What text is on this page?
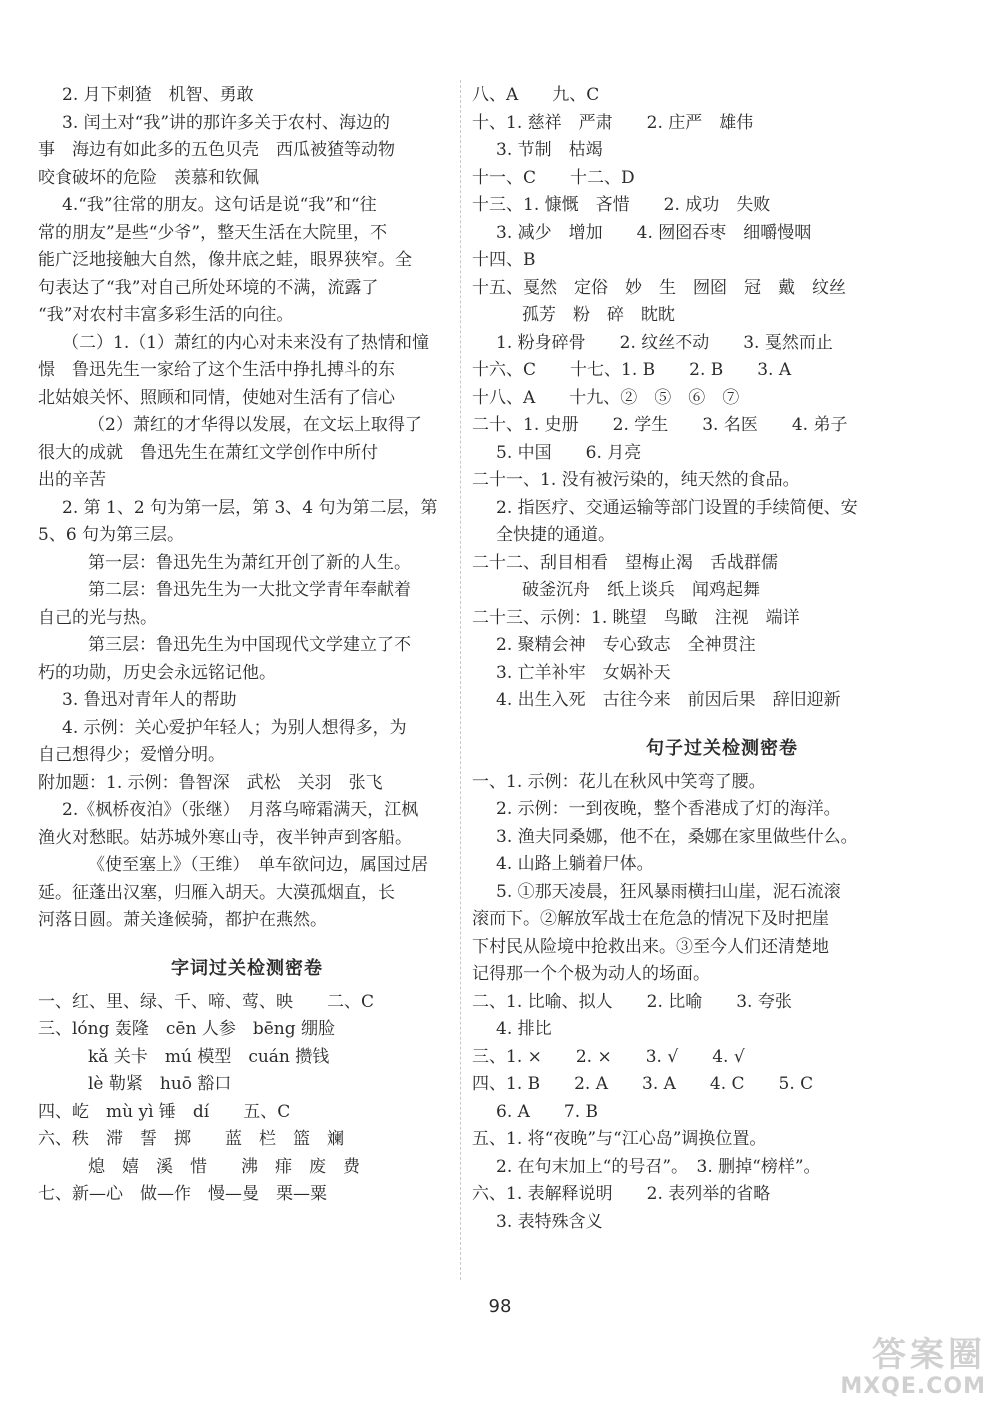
2. 月下刺猹　机智、勇敢
3. 闰土对“我”讲的那许多关于农村、海边的
事　海边有如此多的五色贝壳　西瓜被猹等动物
咬食破坏的危险　羡慕和钦佩
4.“我”往常的朋友。这句话是说“我”和“往
常的朋友”是些“少爷”，整天生活在大院里，不
能广泛地接触大自然，像井底之蛙，眼界狭窄。全
句表达了“我”对自己所处环境的不满，流露了
“我”对农村丰富多彩生活的向往。
（二）1.（1）萧红的内心对未来没有了热情和憧
憬　鲁迅先生一家给了这个生活中挣扎搏斗的东
北姑娘关怀、照顾和同情，使她对生活有了信心
（2）萧红的才华得以发展，在文坛上取得了
很大的成就　鲁迅先生在萧红文学创作中所付
出的辛苦
2. 第 1、2 句为第一层，第 3、4 句为第二层，第
5、6 句为第三层。
第一层：鲁迅先生为萧红开创了新的人生。
第二层：鲁迅先生为一大批文学青年奉献着
自己的光与热。
第三层：鲁迅先生为中国现代文学建立了不
朽的功勋，历史会永远铭记他。
3. 鲁迅对青年人的帮助
4. 示例：关心爱护年轻人；为别人想得多，为
自己想得少；爱憎分明。
附加题：1. 示例：鲁智深　武松　关羽　张飞
2.《枫桥夜泊》（张继）　月落乌啼霜满天，江枫
渔火对愁眠。姑苏城外寒山寺，夜半钟声到客船。
《使至塞上》（王维）　单车欲问边，属国过居
延。征蓬出汉塞，归雁入胡天。大漠孤烟直，长
河落日圆。萧关逢候骑，都护在燕然。
字词过关检测密卷
一、红、里、绿、千、啼、莺、映　　二、C
三、lóng 轰隆　cēn 人参　bēng 绷脸
kǎ 关卡　mú 模型　cuán 攒钱
lè 勒紧　huō 豁口
四、屹　mù yì 锤　dí　　五、C
六、秩　滞　誓　掷　　蓝　栏　篮　斓
熄　嬉　溪　惜　　沸　痱　废　费
七、新—心　做—作　慢—曼　栗—粟
八、A　　九、C
十、1. 慈祥　严肃　　2. 庄严　雄伟
3. 节制　枯竭
十一、C　　十二、D
十三、1. 慷慨　吝惜　　2. 成功　失败
3. 减少　增加　　4. 囫囵吞枣　细嚼慢咽
十四、B
十五、戛然　定俗　妙　生　囫囵　冠　戴　纹丝
孤芳　粉　碎　眈眈
1. 粉身碎骨　　2. 纹丝不动　　3. 戛然而止
十六、C　　十七、1. B　　2. B　　3. A
十八、A　　十九、②　⑤　⑥　⑦
二十、1. 史册　　2. 学生　　3. 名医　　4. 弟子
5. 中国　　6. 月亮
二十一、1. 没有被污染的，纯天然的食品。
2. 指医疗、交通运输等部门设置的手续简便、安
全快捷的通道。
二十二、刮目相看　望梅止渴　舌战群儒
破釜沉舟　纸上谈兵　闻鸡起舞
二十三、示例：1. 眺望　鸟瞰　注视　端详
2. 聚精会神　专心致志　全神贯注
3. 亡羊补牢　女娲补天
4. 出生入死　古往今来　前因后果　辞旧迎新
句子过关检测密卷
一、1. 示例：花儿在秋风中笑弯了腰。
2. 示例：一到夜晚，整个香港成了灯的海洋。
3. 渔夫同桑娜，他不在，桑娜在家里做些什么。
4. 山路上躺着尸体。
5. ①那天凌晨，狂风暴雨横扫山崖，泥石流滚
滚而下。②解放军战士在危急的情况下及时把崖
下村民从险境中抢救出来。③至今人们还清楚地
记得那一个个极为动人的场面。
二、1. 比喻、拟人　　2. 比喻　　3. 夸张
4. 排比
三、1. ×　　2. ×　　3. √　　4. √
四、1. B　　2. A　　3. A　　4. C　　5. C
6. A　　7. B
五、1. 将“夜晚”与“江心岛”调换位置。
2. 在句末加上“的号召”。　3. 删掉“榜样”。
六、1. 表解释说明　　2. 表列举的省略
3. 表特殊含义
98
答案圈
MXQE.COM
